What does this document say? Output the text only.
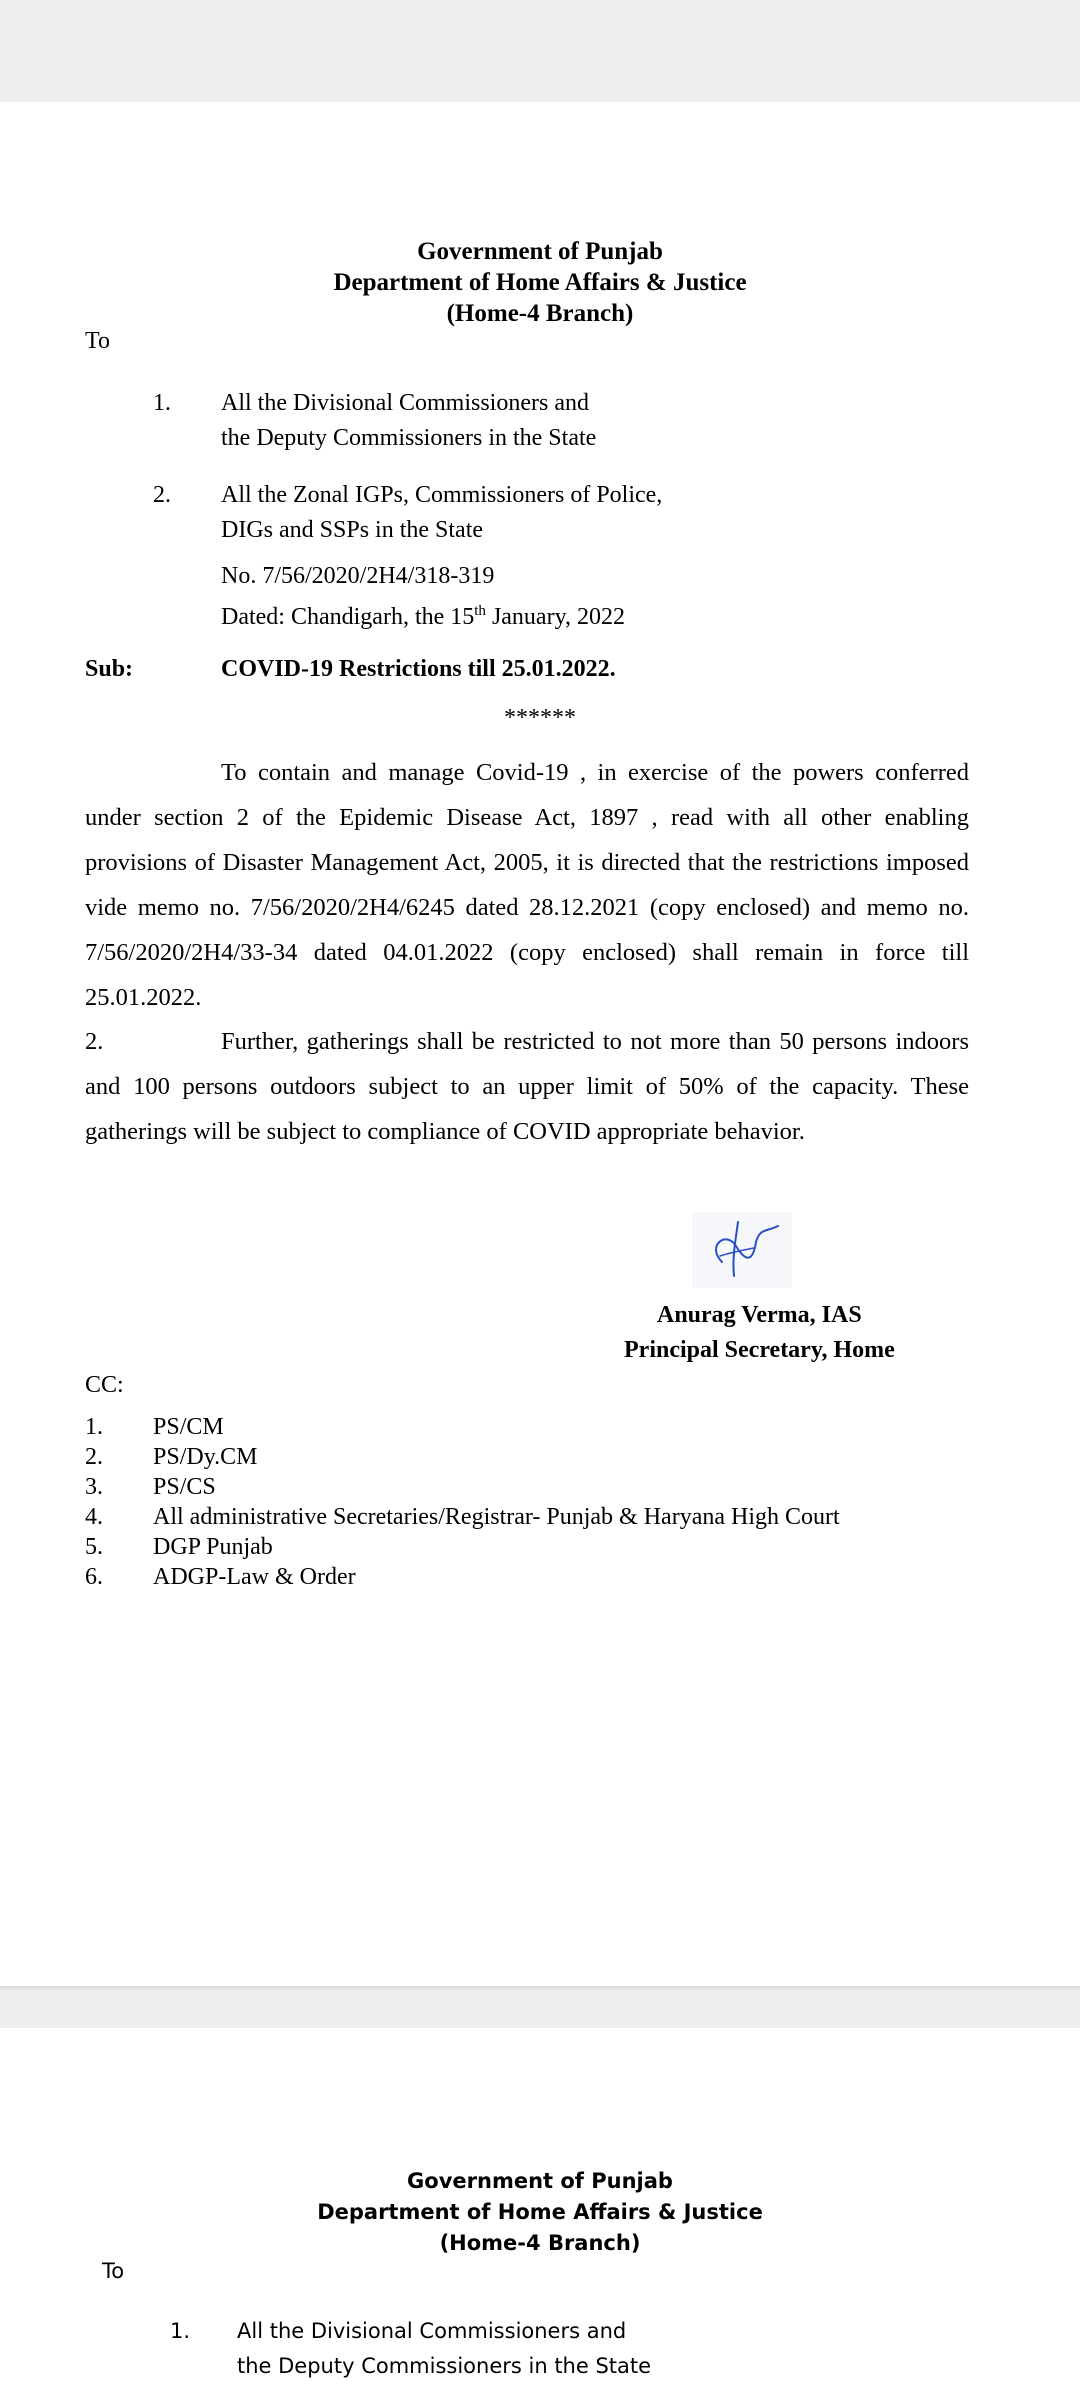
Government of Punjab
Department of Home Affairs & Justice
(Home-4 Branch)
To
1. All the Divisional Commissioners and
the Deputy Commissioners in the State
2. All the Zonal IGPs, Commissioners of Police,
DIGs and SSPs in the State
No. 7/56/2020/2H4/318-319
Dated: Chandigarh, the 15th January, 2022
Sub:	COVID-19 Restrictions till 25.01.2022.
******
To contain and manage Covid-19 , in exercise of the powers conferred under section 2 of the Epidemic Disease Act, 1897 , read with all other enabling provisions of Disaster Management Act, 2005, it is directed that the restrictions imposed vide memo no. 7/56/2020/2H4/6245 dated 28.12.2021 (copy enclosed) and memo no. 7/56/2020/2H4/33-34 dated 04.01.2022 (copy enclosed) shall remain in force till 25.01.2022.
2.	Further, gatherings shall be restricted to not more than 50 persons indoors and 100 persons outdoors subject to an upper limit of 50% of the capacity. These gatherings will be subject to compliance of COVID appropriate behavior.
Anurag Verma, IAS
Principal Secretary, Home
CC:
1. PS/CM
2. PS/Dy.CM
3. PS/CS
4. All administrative Secretaries/Registrar- Punjab & Haryana High Court
5. DGP Punjab
6. ADGP-Law & Order
Government of Punjab
Department of Home Affairs & Justice
(Home-4 Branch)
To
1. All the Divisional Commissioners and
the Deputy Commissioners in the State
